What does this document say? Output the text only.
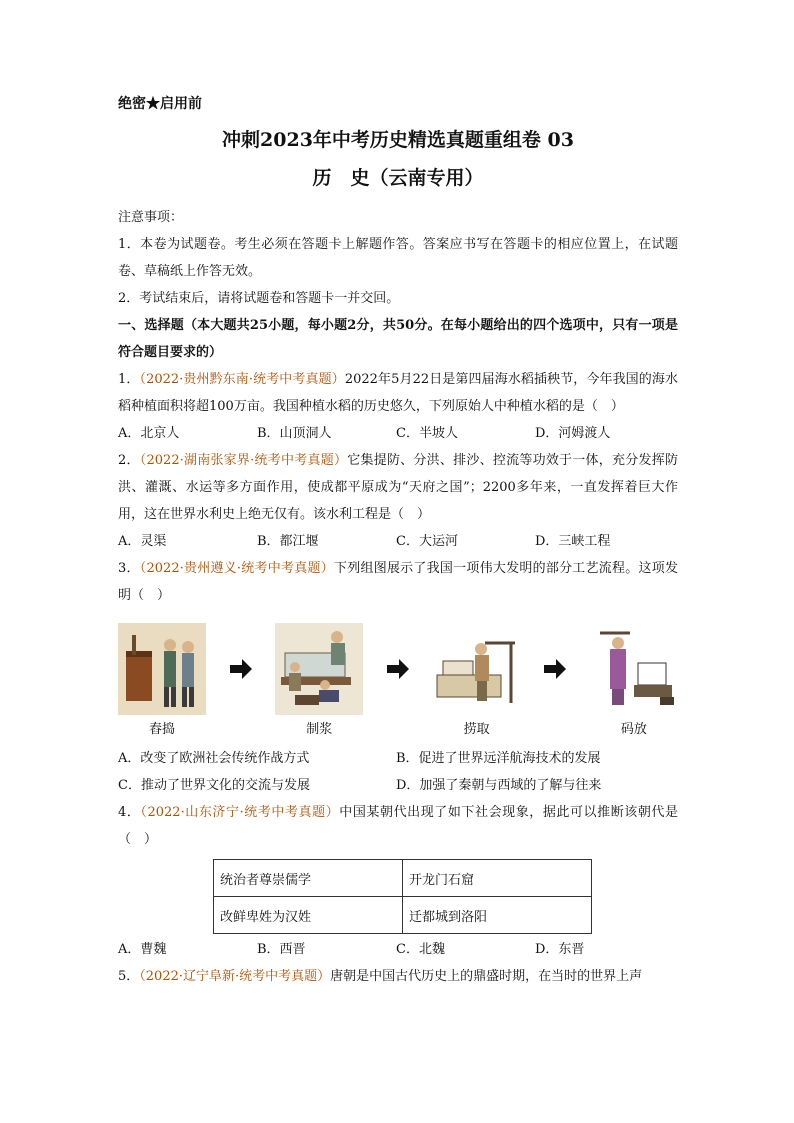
绝密★启用前
冲刺2023年中考历史精选真题重组卷 03
历　史（云南专用）
注意事项：
1．本卷为试题卷。考生必须在答题卡上解题作答。答案应书写在答题卡的相应位置上，在试题卷、草稿纸上作答无效。
2．考试结束后，请将试题卷和答题卡一并交回。
一、选择题（本大题共25小题，每小题2分，共50分。在每小题给出的四个选项中，只有一项是符合题目要求的）
1．（2022·贵州黔东南·统考中考真题）2022年5月22日是第四届海水稻插秧节，今年我国的海水稻种植面积将超100万亩。我国种植水稻的历史悠久，下列原始人中种植水稻的是（　）
A．北京人	B．山顶洞人	C．半坡人	D．河姆渡人
2．（2022·湖南张家界·统考中考真题）它集提防、分洪、排沙、控流等功效于一体，充分发挥防洪、灌溉、水运等多方面作用，使成都平原成为“天府之国”；2200多年来，一直发挥着巨大作用，这在世界水利史上绝无仅有。该水利工程是（　）
A．灵渠	B．都江堰	C．大运河	D．三峡工程
3．（2022·贵州遵义·统考中考真题）下列组图展示了我国一项伟大发明的部分工艺流程。这项发明（　）
舂捣	制浆	捞取	码放
A．改变了欧洲社会传统作战方式	B．促进了世界远洋航海技术的发展
C．推动了世界文化的交流与发展	D．加强了秦朝与西域的了解与往来
4．（2022·山东济宁·统考中考真题）中国某朝代出现了如下社会现象，据此可以推断该朝代是（　）
统治者尊崇儒学	开龙门石窟
改鲜卑姓为汉姓	迁都城到洛阳
A．曹魏	B．西晋	C．北魏	D．东晋
5．（2022·辽宁阜新·统考中考真题）唐朝是中国古代历史上的鼎盛时期，在当时的世界上声
